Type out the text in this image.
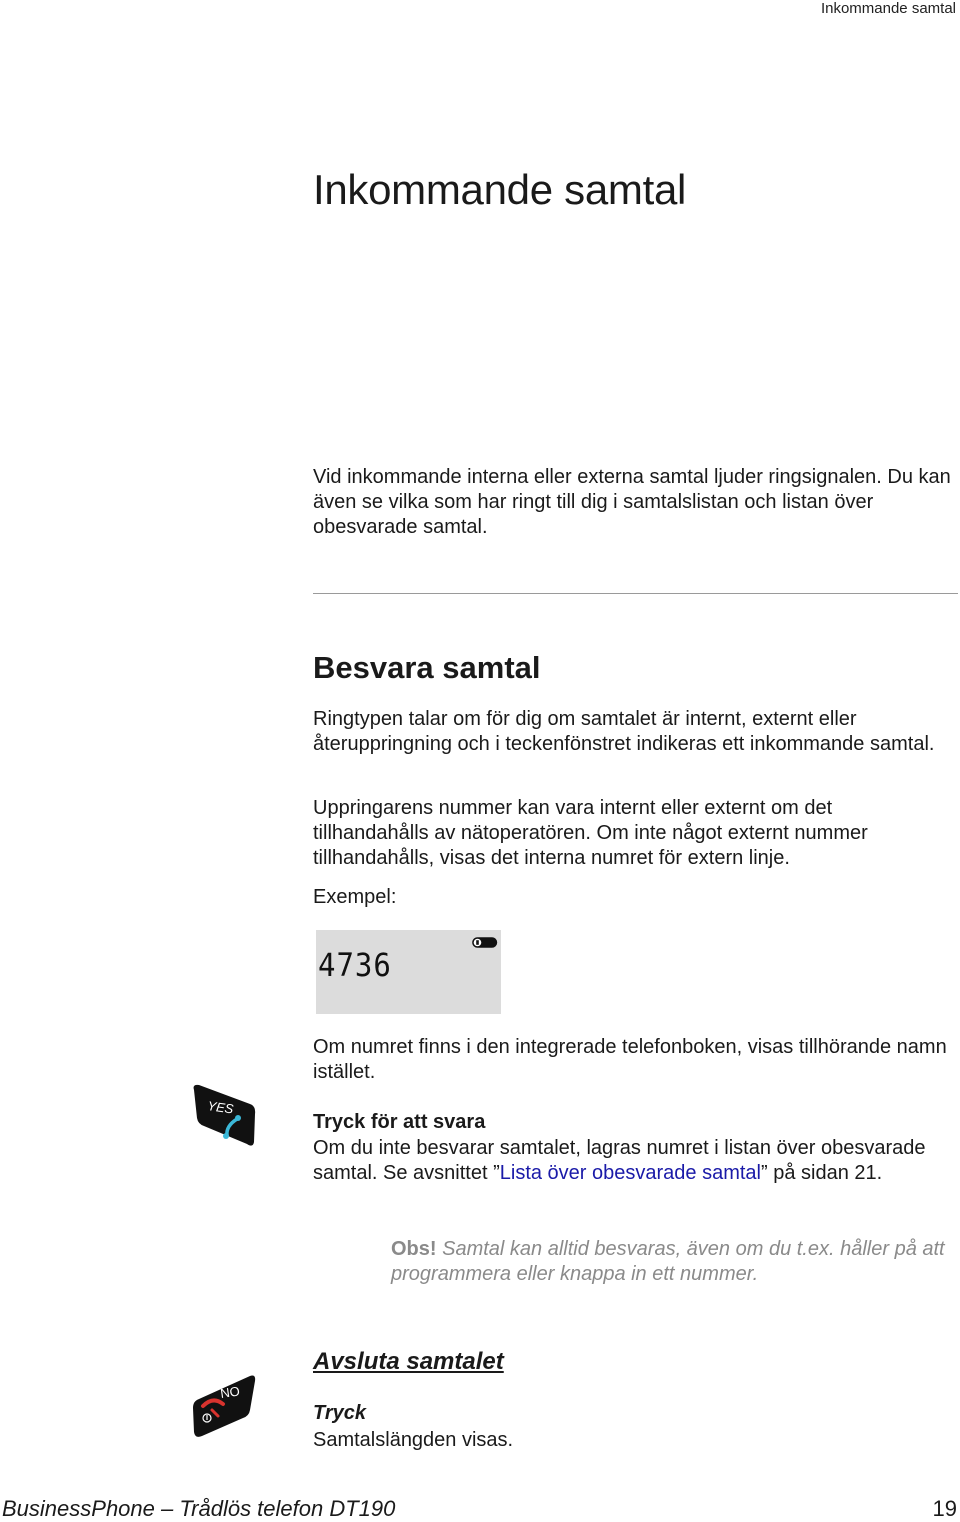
Inkommande samtal
Inkommande samtal

Vid inkommande interna eller externa samtal ljuder ringsignalen. Du kan även se vilka som har ringt till dig i samtalslistan och listan över obesvarade samtal.

Besvara samtal

Ringtypen talar om för dig om samtalet är internt, externt eller återuppringning och i teckenfönstret indikeras ett inkommande samtal.

Uppringarens nummer kan vara internt eller externt om det tillhandahålls av nätoperatören. Om inte något externt nummer tillhandahålls, visas det interna numret för extern linje.

Exempel:

4736

Om numret finns i den integrerade telefonboken, visas tillhörande namn istället.

YES

Tryck för att svara

Om du inte besvarar samtalet, lagras numret i listan över obesvarade samtal. Se avsnittet ”Lista över obesvarade samtal” på sidan 21.

Obs! Samtal kan alltid besvaras, även om du t.ex. håller på att programmera eller knappa in ett nummer.

Avsluta samtalet
NO

Tryck

Samtalslängden visas.
BusinessPhone – Trådlös telefon DT190	19
